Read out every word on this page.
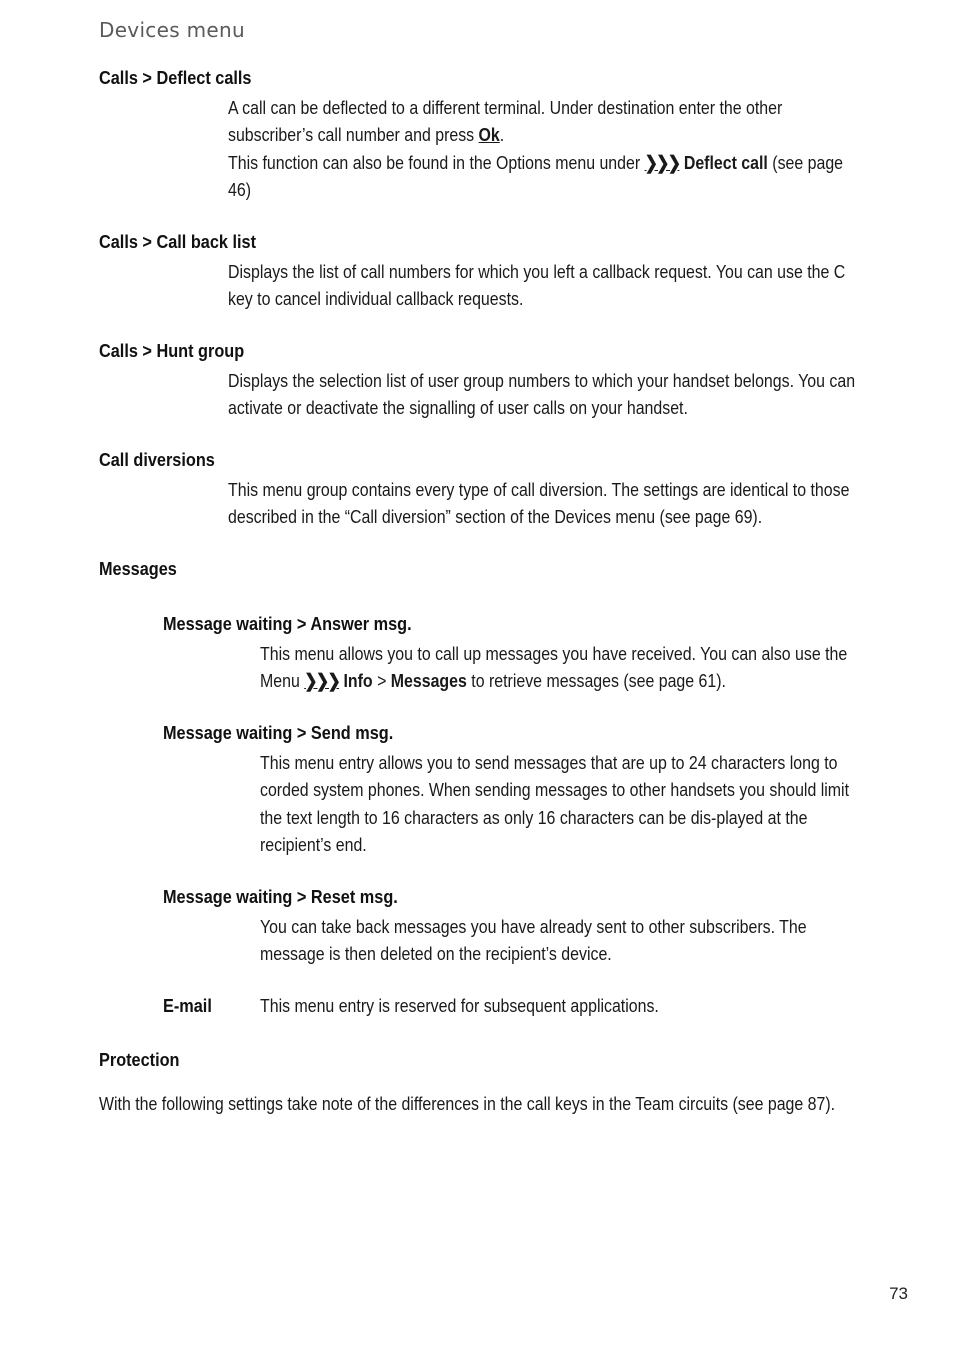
Devices menu
Calls > Deflect calls
A call can be deflected to a different terminal. Under destination enter the other subscriber’s call number and press Ok.
This function can also be found in the Options menu under ❯❯❯ Deflect call (see page 46)
Calls > Call back list
Displays the list of call numbers for which you left a callback request. You can use the C key to cancel individual callback requests.
Calls > Hunt group
Displays the selection list of user group numbers to which your handset belongs. You can activate or deactivate the signalling of user calls on your handset.
Call diversions
This menu group contains every type of call diversion. The settings are identical to those described in the “Call diversion” section of the Devices menu (see page 69).
Messages
Message waiting > Answer msg.
This menu allows you to call up messages you have received. You can also use the Menu ❯❯❯ Info > Messages to retrieve messages (see page 61).
Message waiting > Send msg.
This menu entry allows you to send messages that are up to 24 characters long to corded system phones. When sending messages to other handsets you should limit the text length to 16 characters as only 16 characters can be dis-played at the recipient’s end.
Message waiting > Reset msg.
You can take back messages you have already sent to other subscribers. The message is then deleted on the recipient’s device.
E-mail	This menu entry is reserved for subsequent applications.
Protection
With the following settings take note of the differences in the call keys in the Team circuits (see page 87).
73
